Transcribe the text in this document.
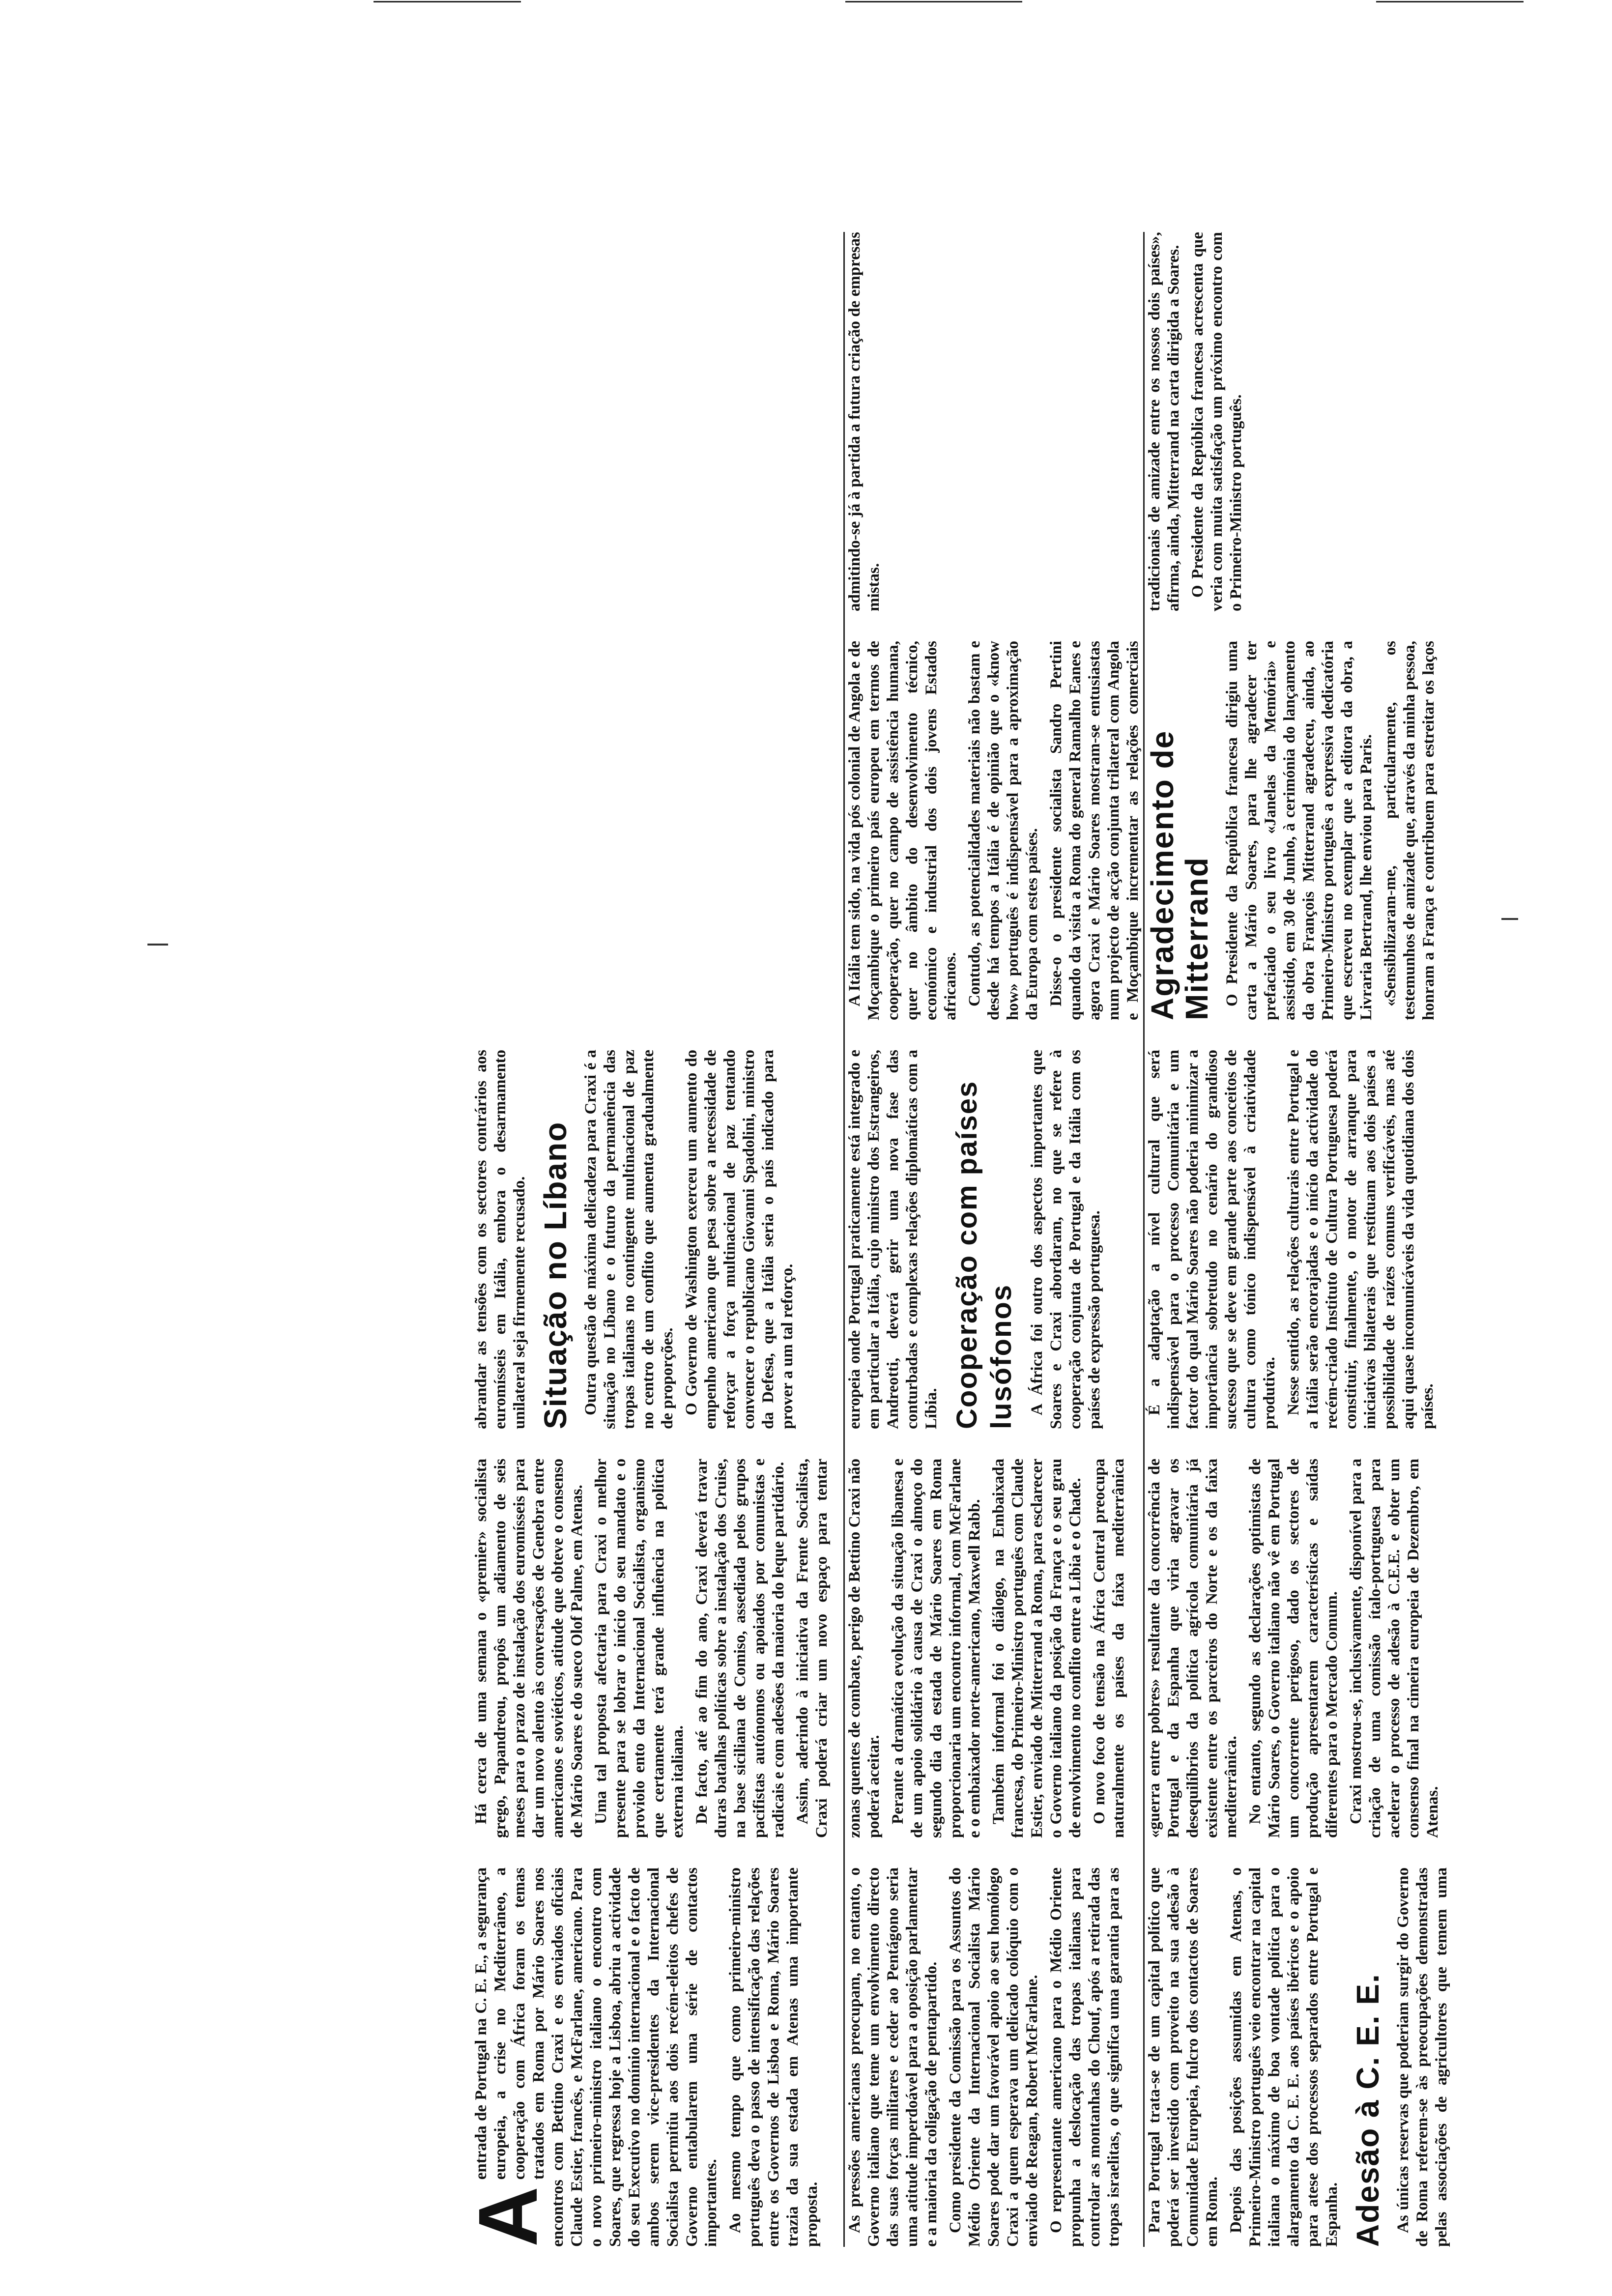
A
entrada de Portugal na C. E. E., a segurança europeia, a crise no Mediterrâneo, a cooperação com África foram os temas tratados em Roma por Mário Soares nos encontros com Bettino Craxi e os enviados oficiais Claude Estier, francês, e McFarlane, americano. Para o novo primeiro-ministro italiano o encontro com Soares, que regressa hoje a Lisboa, abriu a actividade do seu Executivo no domínio internacional e o facto de ambos serem vice-presidentes da Internacional Socialista permitiu aos dois recém-eleitos chefes de Governo entabularem uma série de contactos importantes. Ao mesmo tempo que como primeiro-ministro português deva o passo de intensificação das relações entre os Governos de Lisboa e Roma, Mário Soares trazia da sua estada em Atenas uma importante proposta.

Há cerca de uma semana o «premier» socialista grego, Papandreou, propôs um adiamento de seis meses para o prazo de instalação dos euromísseis para dar um novo alento às conversações de Genebra entre americanos e soviéticos, atitude que obteve o consenso de Mário Soares e do sueco Olof Palme, em Atenas. Uma tal proposta afectaria para Craxi o melhor presente para se lobrar o início do seu mandato e o proviolo ento da Internacional Socialista, organismo que certamente terá grande influência na política externa italiana. De facto, até ao fim do ano, Craxi deverá travar duras batalhas políticas sobre a instalação dos Cruise, na base siciliana de Comiso, assediada pelos grupos pacifistas autónomos ou apoiados por comunistas e radicais e com adesões da maioria do leque partidário. Assim, aderindo à iniciativa da Frente Socialista, Craxi poderá criar um novo espaço para tentar abrandar as tensões com os sectores contrários aos euromísseis em Itália, embora o desarmamento unilateral seja firmemente recusado. Situação no Líbano Outra questão de máxima delicadeza para Craxi é a situação no Líbano e o futuro da permanência das tropas italianas no contingente multinacional de paz no centro de um conflito que aumenta gradualmente de proporções. O Governo de Washington exerceu um aumento do empenho americano que pesa sobre a necessidade de reforçar a força multinacional de paz tentando convencer o republicano Giovanni Spadolini, ministro da Defesa, que a Itália seria o país indicado para prover a um tal reforço.

As pressões americanas preocupam, no entanto, o Governo italiano que teme um envolvimento directo das suas forças militares e ceder ao Pentágono seria uma atitude imperdoável para a oposição parlamentar e a maioria da coligação de pentapartido. Como presidente da Comissão para os Assuntos do Médio Oriente da Internacional Socialista Mário Soares pode dar um favorável apoio ao seu homólogo Craxi a quem esperava um delicado colóquio com o enviado de Reagan, Robert McFarlane. O representante americano para o Médio Oriente propunha a deslocação das tropas italianas para controlar as montanhas do Chouf, após a retirada das tropas israelitas, o que significa uma garantia para as zonas quentes de combate, perigo de Bettino Craxi não poderá aceitar. Perante a dramática evolução da situação libanesa e de um apoio solidário à causa de Craxi o almoço do segundo dia da estada de Mário Soares em Roma proporcionaria um encontro informal, com McFarlane e o embaixador norte-americano, Maxwell Rabb. Também informal foi o diálogo, na Embaixada francesa, do Primeiro-Ministro português com Claude Estier, enviado de Mitterrand a Roma, para esclarecer o Governo italiano da posição da França e o seu grau de envolvimento no conflito entre a Líbia e o Chade. O novo foco de tensão na África Central preocupa naturalmente os países da faixa mediterrânica europeia onde Portugal praticamente está integrado e em particular a Itália, cujo ministro dos Estrangeiros, Andreotti, deverá gerir uma nova fase das conturbadas e complexas relações diplomáticas com a Líbia. Cooperação com países lusófonos A África foi outro dos aspectos importantes que Soares e Craxi abordaram, no que se refere à cooperação conjunta de Portugal e da Itália com os países de expressão portuguesa.

A Itália tem sido, na vida pós colonial de Angola e de Moçambique o primeiro país europeu em termos de cooperação, quer no campo de assistência humana, quer no âmbito do desenvolvimento técnico, económico e industrial dos dois jovens Estados africanos. Contudo, as potencialidades materiais não bastam e desde há tempos a Itália é de opinião que o «know how» português é indispensável para a aproximação da Europa com estes países. Disse-o o presidente socialista Sandro Pertini quando da visita a Roma do general Ramalho Eanes e agora Craxi e Mário Soares mostram-se entusiastas num projecto de acção conjunta trilateral com Angola e Moçambique incrementar as relações comerciais admitindo-se já à partida a futura criação de empresas mistas.

Para Portugal trata-se de um capital político que poderá ser investido com proveito na sua adesão à Comunidade Europeia, fulcro dos contactos de Soares em Roma. Depois das posições assumidas em Atenas, o Primeiro-Ministro português veio encontrar na capital italiana o máximo de boa vontade política para o alargamento da C. E. E. aos países ibéricos e o apoio para atese dos processos separados entre Portugal e Espanha. Adesão à C. E. E. As únicas reservas que poderiam surgir do Governo de Roma referem-se às preocupações demonstradas pelas associações de agricultores que temem uma «guerra entre pobres» resultante da concorrência de Portugal e da Espanha que viria agravar os desequilíbrios da política agrícola comunitária já existente entre os parceiros do Norte e os da faixa mediterrânica. No entanto, segundo as declarações optimistas de Mário Soares, o Governo italiano não vê em Portugal um concorrente perigoso, dado os sectores de produção apresentarem características e saídas diferentes para o Mercado Comum. Craxi mostrou-se, inclusivamente, disponível para a criação de uma comissão ítalo-portuguesa para acelerar o processo de adesão à C.E.E. e obter um consenso final na cimeira europeia de Dezembro, em Atenas.

É a adaptação a nível cultural que será indispensável para o processo Comunitária e um factor do qual Mário Soares não poderia minimizar a importância sobretudo no cenário do grandioso sucesso que se deve em grande parte aos conceitos de cultura como tónico indispensável à criatividade produtiva. Nesse sentido, as relações culturais entre Portugal e a Itália serão encorajadas e o início da actividade do recém-criado Instituto de Cultura Portuguesa poderá constituir, finalmente, o motor de arranque para iniciativas bilaterais que restituam aos dois países a possibilidade de raízes comuns verificáveis, mas até aqui quase incomunicáveis da vida quotidiana dos dois países.

Agradecimento de Mitterrand O Presidente da República francesa dirigiu uma carta a Mário Soares, para lhe agradecer ter prefaciado o seu livro «Janelas da Memória» e assistido, em 30 de Junho, à cerimónia do lançamento da obra François Mitterrand agradeceu, ainda, ao Primeiro-Ministro português a expressiva dedicatória que escreveu no exemplar que a editora da obra, a Livraria Bertrand, lhe enviou para Paris. «Sensibilizaram-me, particularmente, os testemunhos de amizade que, através da minha pessoa, honram a França e contribuem para estreitar os laços tradicionais de amizade entre os nossos dois países», afirma, ainda, Mitterrand na carta dirigida a Soares. O Presidente da República francesa acrescenta que veria com muita satisfação um próximo encontro com o Primeiro-Ministro português.
